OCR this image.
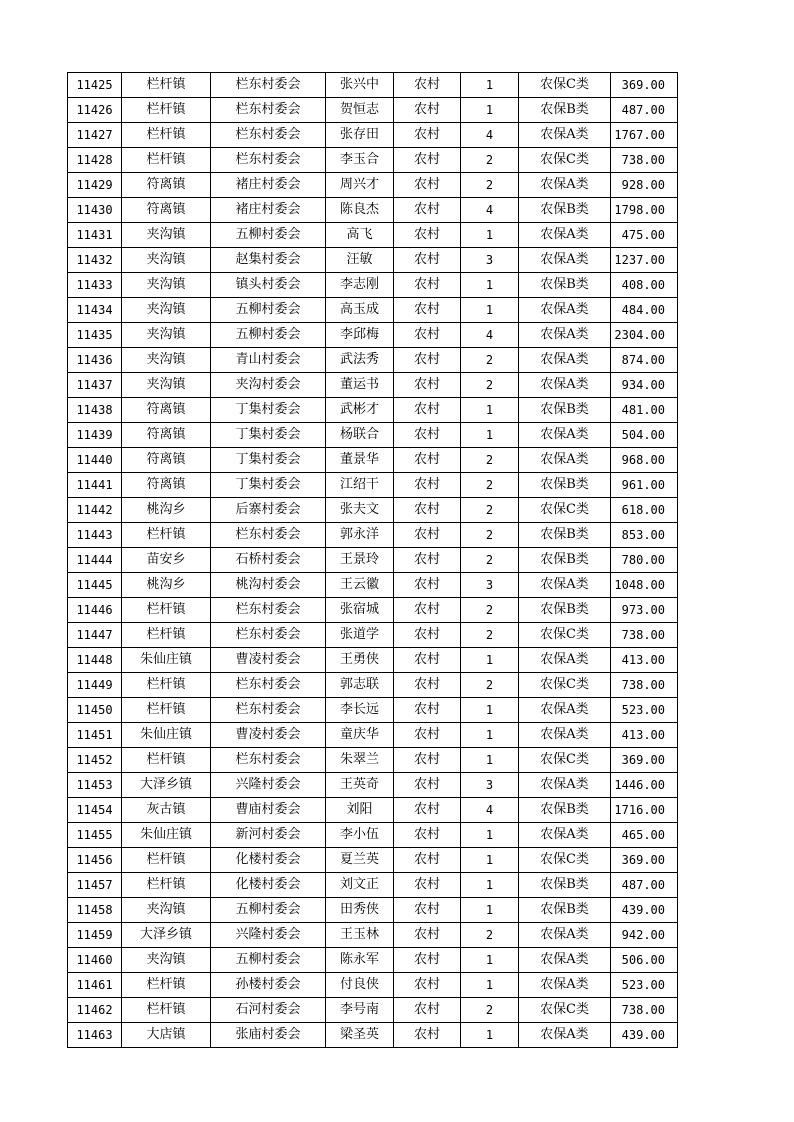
11425	栏杆镇	栏东村委会	张兴中	农村	1	农保C类	369.00
11426	栏杆镇	栏东村委会	贺恒志	农村	1	农保B类	487.00
11427	栏杆镇	栏东村委会	张存田	农村	4	农保A类	1767.00
11428	栏杆镇	栏东村委会	李玉合	农村	2	农保C类	738.00
11429	符离镇	褚庄村委会	周兴才	农村	2	农保A类	928.00
11430	符离镇	褚庄村委会	陈良杰	农村	4	农保B类	1798.00
11431	夹沟镇	五柳村委会	高飞	农村	1	农保A类	475.00
11432	夹沟镇	赵集村委会	汪敏	农村	3	农保A类	1237.00
11433	夹沟镇	镇头村委会	李志刚	农村	1	农保B类	408.00
11434	夹沟镇	五柳村委会	高玉成	农村	1	农保A类	484.00
11435	夹沟镇	五柳村委会	李邱梅	农村	4	农保A类	2304.00
11436	夹沟镇	青山村委会	武法秀	农村	2	农保A类	874.00
11437	夹沟镇	夹沟村委会	董运书	农村	2	农保A类	934.00
11438	符离镇	丁集村委会	武彬才	农村	1	农保B类	481.00
11439	符离镇	丁集村委会	杨联合	农村	1	农保A类	504.00
11440	符离镇	丁集村委会	董景华	农村	2	农保A类	968.00
11441	符离镇	丁集村委会	江绍干	农村	2	农保B类	961.00
11442	桃沟乡	后寨村委会	张夫文	农村	2	农保C类	618.00
11443	栏杆镇	栏东村委会	郭永洋	农村	2	农保B类	853.00
11444	苗安乡	石桥村委会	王景玲	农村	2	农保B类	780.00
11445	桃沟乡	桃沟村委会	王云徽	农村	3	农保A类	1048.00
11446	栏杆镇	栏东村委会	张宿城	农村	2	农保B类	973.00
11447	栏杆镇	栏东村委会	张道学	农村	2	农保C类	738.00
11448	朱仙庄镇	曹凌村委会	王勇侠	农村	1	农保A类	413.00
11449	栏杆镇	栏东村委会	郭志联	农村	2	农保C类	738.00
11450	栏杆镇	栏东村委会	李长远	农村	1	农保A类	523.00
11451	朱仙庄镇	曹凌村委会	童庆华	农村	1	农保A类	413.00
11452	栏杆镇	栏东村委会	朱翠兰	农村	1	农保C类	369.00
11453	大泽乡镇	兴隆村委会	王英奇	农村	3	农保A类	1446.00
11454	灰古镇	曹庙村委会	刘阳	农村	4	农保B类	1716.00
11455	朱仙庄镇	新河村委会	李小伍	农村	1	农保A类	465.00
11456	栏杆镇	化楼村委会	夏兰英	农村	1	农保C类	369.00
11457	栏杆镇	化楼村委会	刘文正	农村	1	农保B类	487.00
11458	夹沟镇	五柳村委会	田秀侠	农村	1	农保B类	439.00
11459	大泽乡镇	兴隆村委会	王玉林	农村	2	农保A类	942.00
11460	夹沟镇	五柳村委会	陈永军	农村	1	农保A类	506.00
11461	栏杆镇	孙楼村委会	付良侠	农村	1	农保A类	523.00
11462	栏杆镇	石河村委会	李号南	农村	2	农保C类	738.00
11463	大店镇	张庙村委会	梁圣英	农村	1	农保A类	439.00
